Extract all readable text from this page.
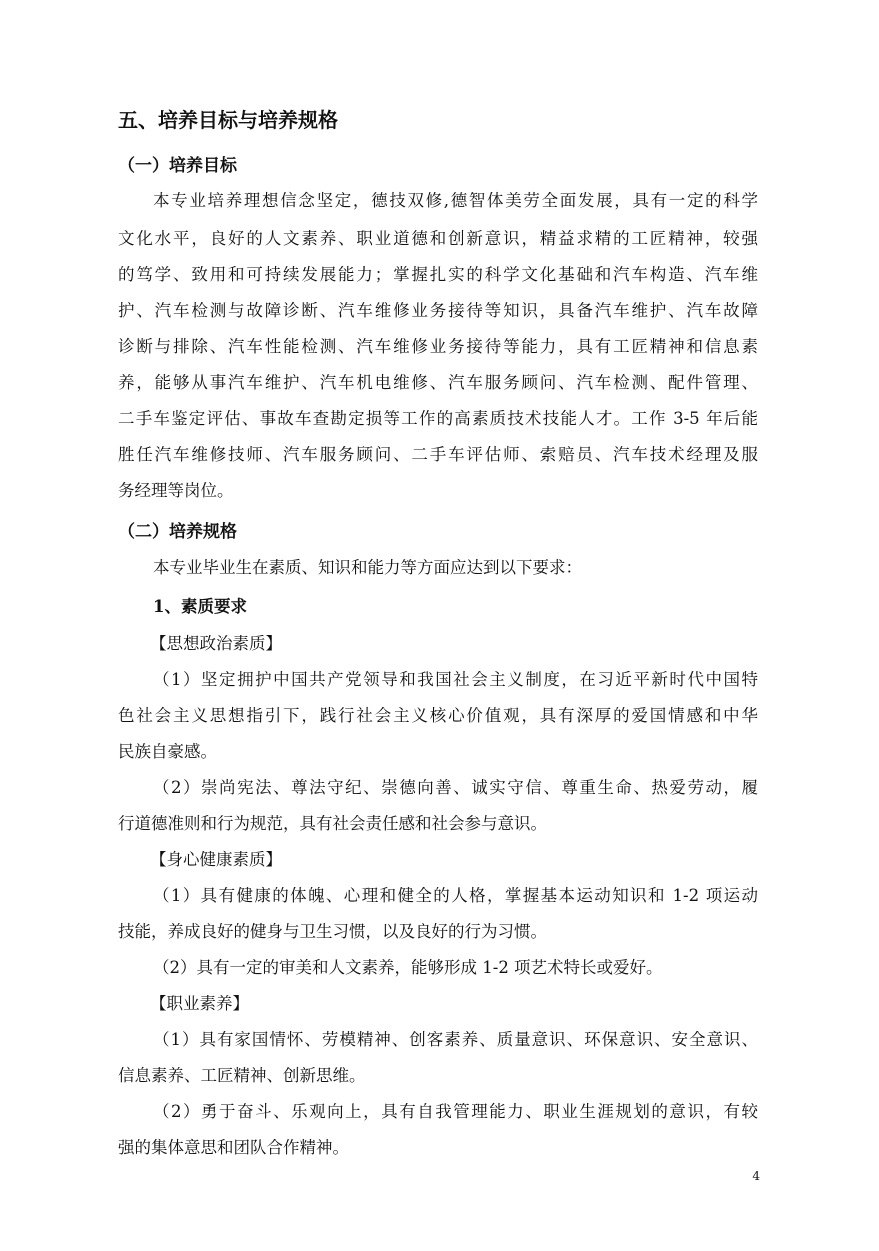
五、培养目标与培养规格

（一）培养目标

本专业培养理想信念坚定，德技双修,德智体美劳全面发展，具有一定的科学

文化水平，良好的人文素养、职业道德和创新意识，精益求精的工匠精神，较强

的笃学、致用和可持续发展能力；掌握扎实的科学文化基础和汽车构造、汽车维

护、汽车检测与故障诊断、汽车维修业务接待等知识，具备汽车维护、汽车故障

诊断与排除、汽车性能检测、汽车维修业务接待等能力，具有工匠精神和信息素

养，能够从事汽车维护、汽车机电维修、汽车服务顾问、汽车检测、配件管理、

二手车鉴定评估、事故车查勘定损等工作的高素质技术技能人才。工作 3-5 年后能

胜任汽车维修技师、汽车服务顾问、二手车评估师、索赔员、汽车技术经理及服

务经理等岗位。

（二）培养规格

本专业毕业生在素质、知识和能力等方面应达到以下要求：

1、素质要求

【思想政治素质】

（1）坚定拥护中国共产党领导和我国社会主义制度，在习近平新时代中国特

色社会主义思想指引下，践行社会主义核心价值观，具有深厚的爱国情感和中华

民族自豪感。

（2）崇尚宪法、尊法守纪、崇德向善、诚实守信、尊重生命、热爱劳动，履

行道德准则和行为规范，具有社会责任感和社会参与意识。

【身心健康素质】

（1）具有健康的体魄、心理和健全的人格，掌握基本运动知识和 1-2 项运动

技能，养成良好的健身与卫生习惯，以及良好的行为习惯。

（2）具有一定的审美和人文素养，能够形成 1-2 项艺术特长或爱好。

【职业素养】

（1）具有家国情怀、劳模精神、创客素养、质量意识、环保意识、安全意识、

信息素养、工匠精神、创新思维。

（2）勇于奋斗、乐观向上，具有自我管理能力、职业生涯规划的意识，有较

强的集体意思和团队合作精神。

4
